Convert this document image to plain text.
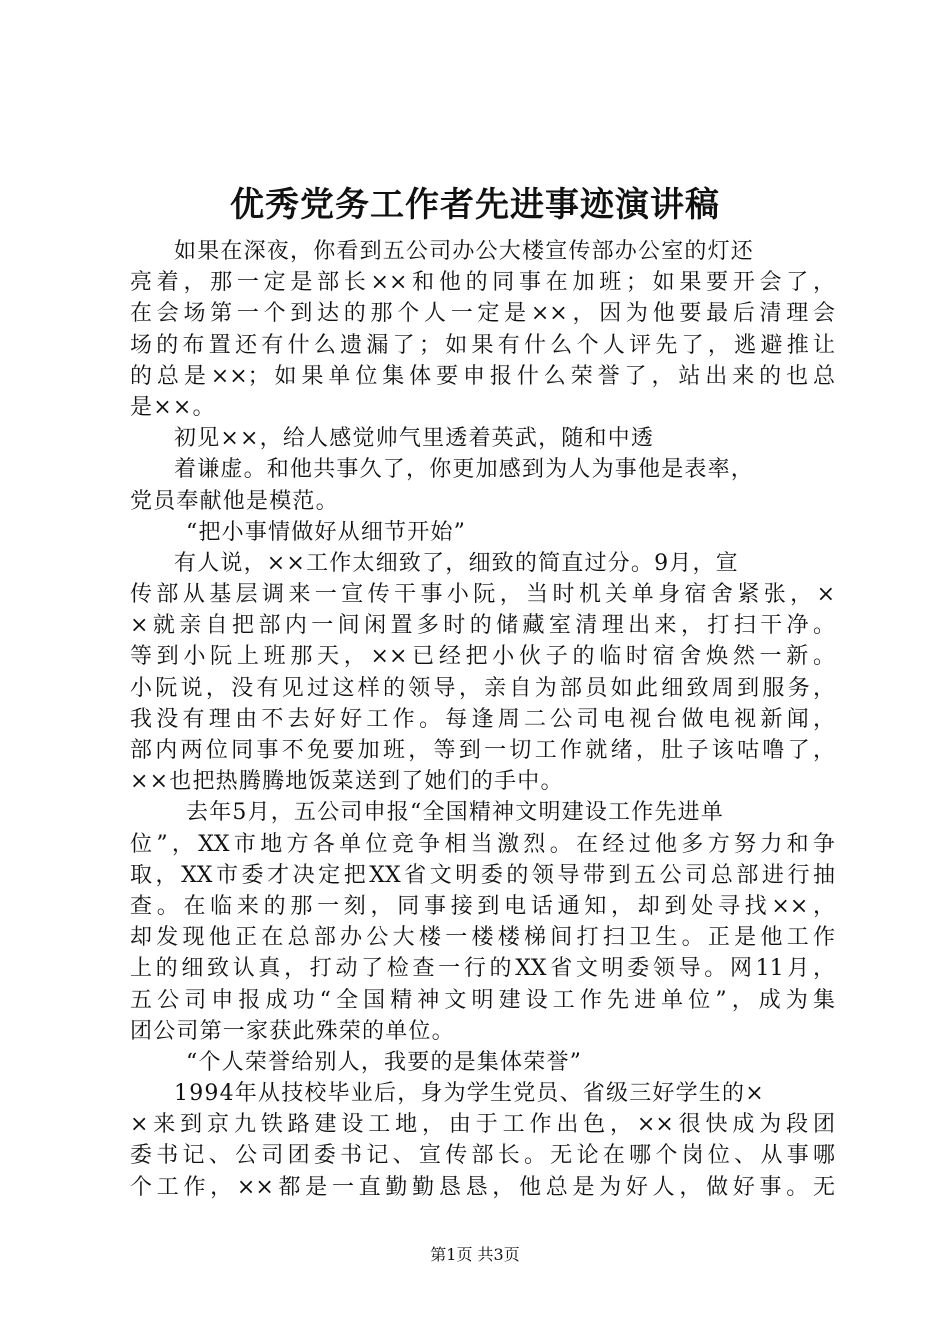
优秀党务工作者先进事迹演讲稿
如果在深夜，你看到五公司办公大楼宣传部办公室的灯还
亮着，那一定是部长××和他的同事在加班；如果要开会了，
在会场第一个到达的那个人一定是××，因为他要最后清理会
场的布置还有什么遗漏了；如果有什么个人评先了，逃避推让
的总是××；如果单位集体要申报什么荣誉了，站出来的也总
是××。
初见××，给人感觉帅气里透着英武，随和中透
着谦虚。和他共事久了，你更加感到为人为事他是表率，
党员奉献他是模范。
“把小事情做好从细节开始”
有人说，××工作太细致了，细致的简直过分。9月，宣
传部从基层调来一宣传干事小阮，当时机关单身宿舍紧张，×
×就亲自把部内一间闲置多时的储藏室清理出来，打扫干净。
等到小阮上班那天，××已经把小伙子的临时宿舍焕然一新。
小阮说，没有见过这样的领导，亲自为部员如此细致周到服务，
我没有理由不去好好工作。每逢周二公司电视台做电视新闻，
部内两位同事不免要加班，等到一切工作就绪，肚子该咕噜了，
××也把热腾腾地饭菜送到了她们的手中。
去年5月，五公司申报“全国精神文明建设工作先进单
位”，XX市地方各单位竞争相当激烈。在经过他多方努力和争
取，XX市委才决定把XX省文明委的领导带到五公司总部进行抽
查。在临来的那一刻，同事接到电话通知，却到处寻找××，
却发现他正在总部办公大楼一楼楼梯间打扫卫生。正是他工作
上的细致认真，打动了检查一行的XX省文明委领导。网11月，
五公司申报成功“全国精神文明建设工作先进单位”，成为集
团公司第一家获此殊荣的单位。
“个人荣誉给别人，我要的是集体荣誉”
1994年从技校毕业后，身为学生党员、省级三好学生的×
×来到京九铁路建设工地，由于工作出色，××很快成为段团
委书记、公司团委书记、宣传部长。无论在哪个岗位、从事哪
个工作，××都是一直勤勤恳恳，他总是为好人，做好事。无
第1页 共3页
